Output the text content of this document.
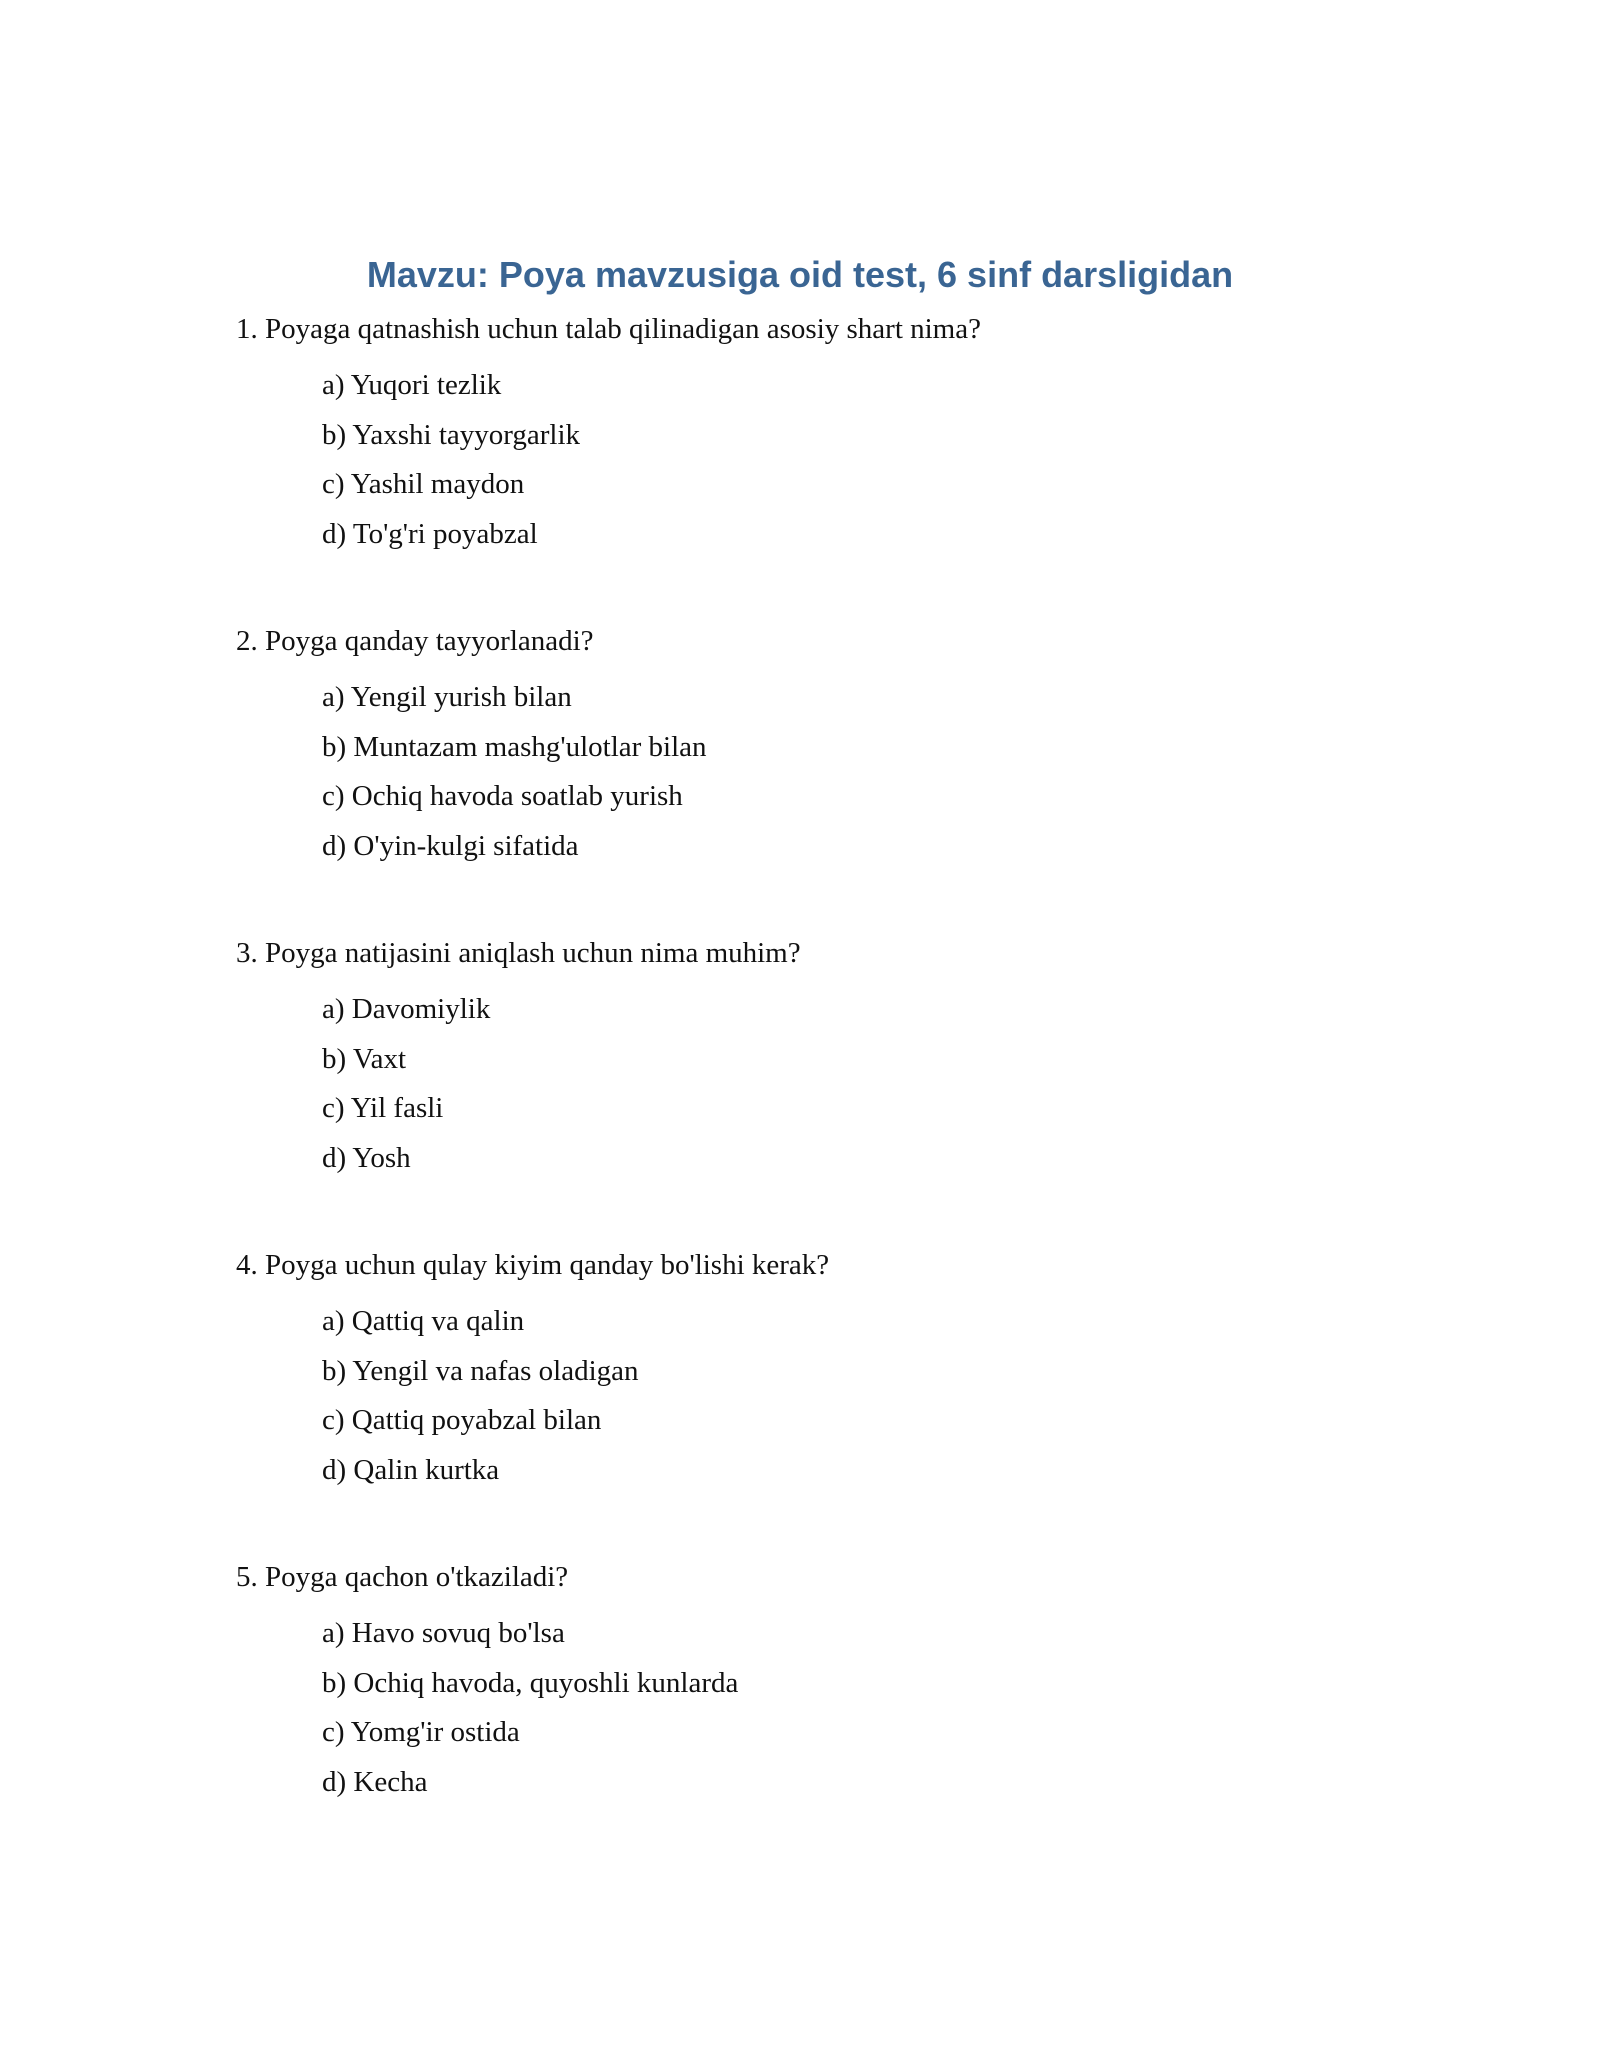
Mavzu: Poya mavzusiga oid test, 6 sinf darsligidan

1. Poyaga qatnashish uchun talab qilinadigan asosiy shart nima?

a) Yuqori tezlik
b) Yaxshi tayyorgarlik
c) Yashil maydon
d) To'g'ri poyabzal

2. Poyga qanday tayyorlanadi?

a) Yengil yurish bilan
b) Muntazam mashg'ulotlar bilan
c) Ochiq havoda soatlab yurish
d) O'yin-kulgi sifatida

3. Poyga natijasini aniqlash uchun nima muhim?

a) Davomiylik
b) Vaxt
c) Yil fasli
d) Yosh

4. Poyga uchun qulay kiyim qanday bo'lishi kerak?

a) Qattiq va qalin
b) Yengil va nafas oladigan
c) Qattiq poyabzal bilan
d) Qalin kurtka

5. Poyga qachon o'tkaziladi?

a) Havo sovuq bo'lsa
b) Ochiq havoda, quyoshli kunlarda
c) Yomg'ir ostida
d) Kecha
